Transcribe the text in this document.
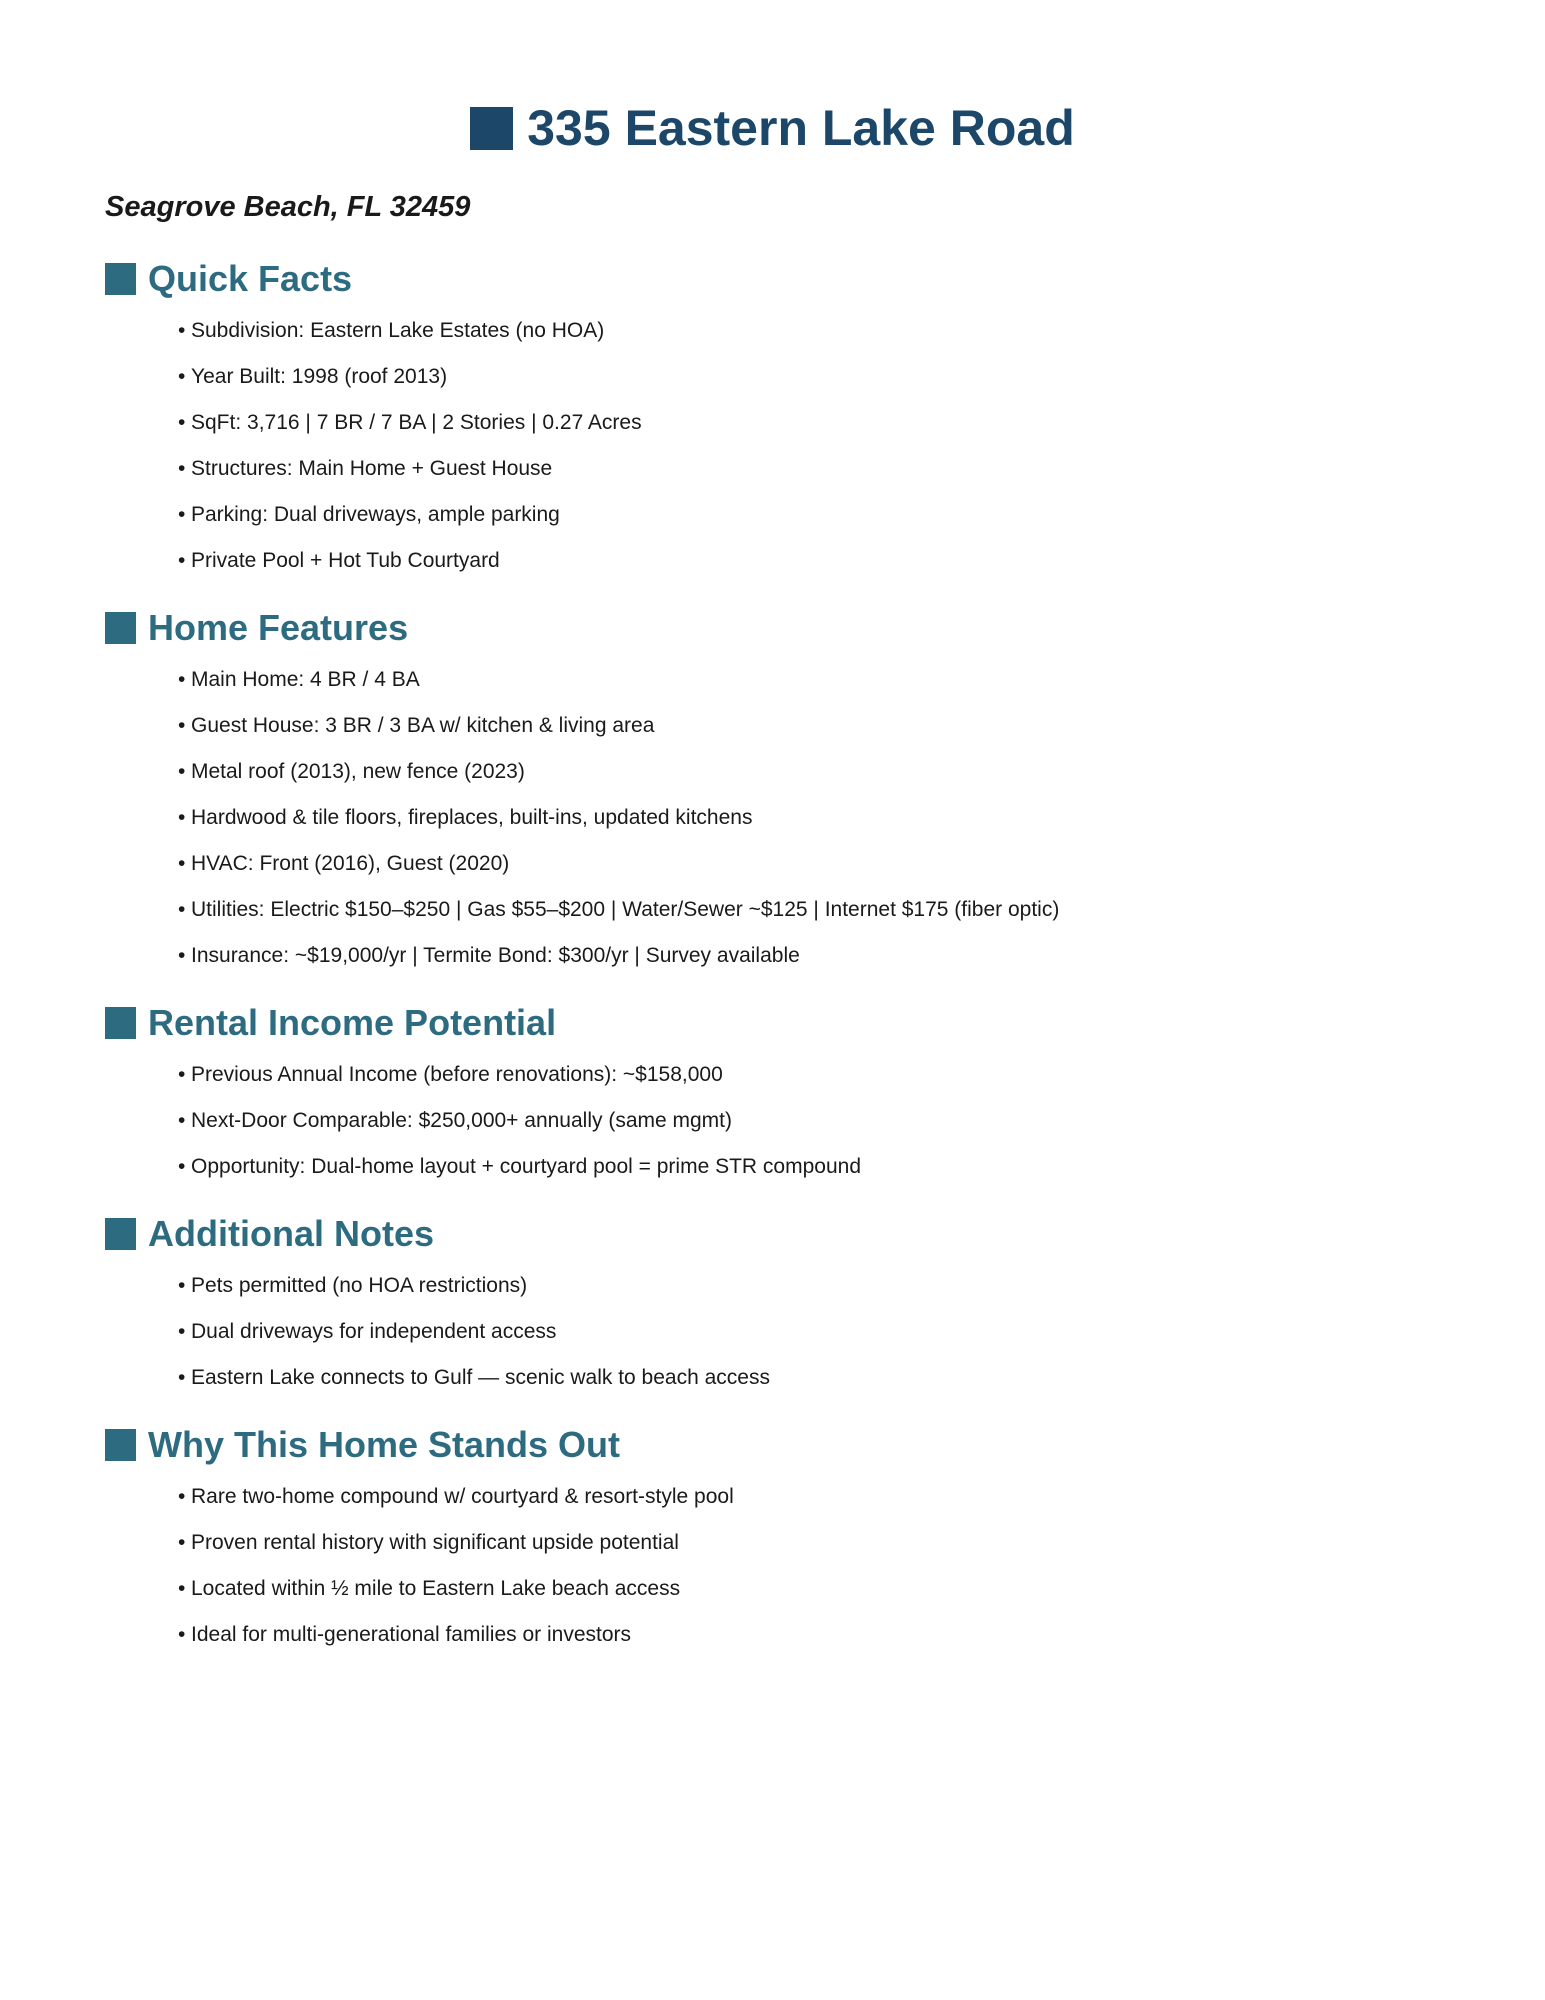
335 Eastern Lake Road

Seagrove Beach, FL 32459

Quick Facts
• Subdivision: Eastern Lake Estates (no HOA)
• Year Built: 1998 (roof 2013)
• SqFt: 3,716 | 7 BR / 7 BA | 2 Stories | 0.27 Acres
• Structures: Main Home + Guest House
• Parking: Dual driveways, ample parking
• Private Pool + Hot Tub Courtyard
Home Features
• Main Home: 4 BR / 4 BA
• Guest House: 3 BR / 3 BA w/ kitchen & living area
• Metal roof (2013), new fence (2023)
• Hardwood & tile floors, fireplaces, built-ins, updated kitchens
• HVAC: Front (2016), Guest (2020)
• Utilities: Electric $150–$250 | Gas $55–$200 | Water/Sewer ~$125 | Internet $175 (fiber optic)
• Insurance: ~$19,000/yr | Termite Bond: $300/yr | Survey available
Rental Income Potential
• Previous Annual Income (before renovations): ~$158,000
• Next-Door Comparable: $250,000+ annually (same mgmt)
• Opportunity: Dual-home layout + courtyard pool = prime STR compound
Additional Notes
• Pets permitted (no HOA restrictions)
• Dual driveways for independent access
• Eastern Lake connects to Gulf — scenic walk to beach access
Why This Home Stands Out
• Rare two-home compound w/ courtyard & resort-style pool
• Proven rental history with significant upside potential
• Located within ½ mile to Eastern Lake beach access
• Ideal for multi-generational families or investors
